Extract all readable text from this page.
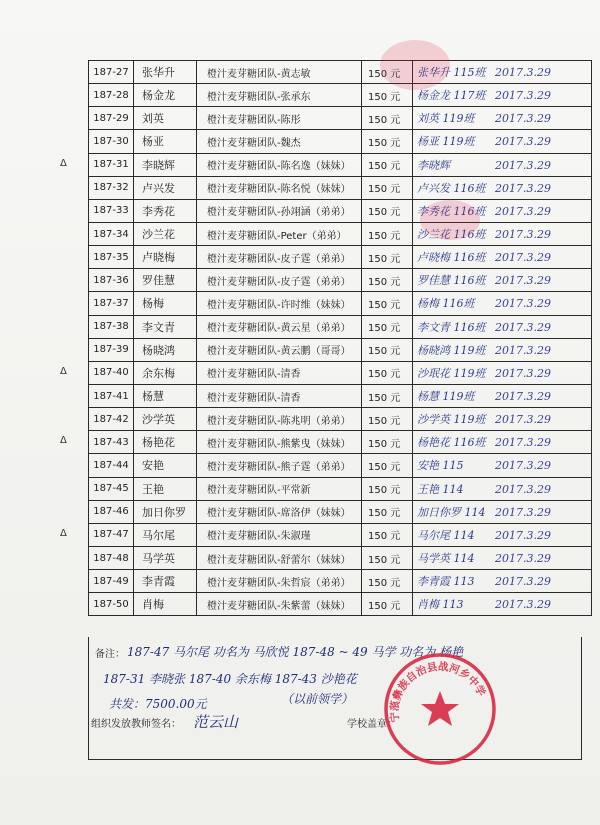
187-27	张华升	橙汁麦芽糖团队-黄志敏	150 元	张华升 115班 2017.3.29
187-28	杨金龙	橙汁麦芽糖团队-张承东	150 元	杨金龙 117班 2017.3.29
187-29	刘英	橙汁麦芽糖团队-陈彤	150 元	刘英 119班 2017.3.29
187-30	杨亚	橙汁麦芽糖团队-魏杰	150 元	杨亚 119班 2017.3.29
187-31	李晓辉	橙汁麦芽糖团队-陈名逸（妹妹）	150 元	李晓辉 2017.3.29
187-32	卢兴发	橙汁麦芽糖团队-陈名悦（妹妹）	150 元	卢兴发 116班 2017.3.29
187-33	李秀花	橙汁麦芽糖团队-孙翊涵（弟弟）	150 元	李秀花 116班 2017.3.29
187-34	沙兰花	橙汁麦芽糖团队-Peter（弟弟）	150 元	沙兰花 116班 2017.3.29
187-35	卢晓梅	橙汁麦芽糖团队-皮子霆（弟弟）	150 元	卢晓梅 116班 2017.3.29
187-36	罗佳慧	橙汁麦芽糖团队-皮子霆（弟弟）	150 元	罗佳慧 116班 2017.3.29
187-37	杨梅	橙汁麦芽糖团队-许时维（妹妹）	150 元	杨梅 116班 2017.3.29
187-38	李文青	橙汁麦芽糖团队-黄云星（弟弟）	150 元	李文青 116班 2017.3.29
187-39	杨晓鸿	橙汁麦芽糖团队-黄云鹏（哥哥）	150 元	杨晓鸿 119班 2017.3.29
187-40	余东梅	橙汁麦芽糖团队-清香	150 元	沙珉花 119班 2017.3.29
187-41	杨慧	橙汁麦芽糖团队-清香	150 元	杨慧 119班 2017.3.29
187-42	沙学英	橙汁麦芽糖团队-陈兆明（弟弟）	150 元	沙学英 119班 2017.3.29
187-43	杨艳花	橙汁麦芽糖团队-熊紫曳（妹妹）	150 元	杨艳花 116班 2017.3.29
187-44	安艳	橙汁麦芽糖团队-熊子霆（弟弟）	150 元	安艳 115 2017.3.29
187-45	王艳	橙汁麦芽糖团队-平常新	150 元	王艳 114 2017.3.29
187-46	加日你罗	橙汁麦芽糖团队-席洛伊（妹妹）	150 元	加日你罗 114 2017.3.29
187-47	马尔尾	橙汁麦芽糖团队-朱淑瑾	150 元	马尔尾 114 2017.3.29
187-48	马学英	橙汁麦芽糖团队-舒蕾尔（妹妹）	150 元	马学英 114 2017.3.29
187-49	李青霞	橙汁麦芽糖团队-朱哲宸（弟弟）	150 元	李青霞 113 2017.3.29
187-50	肖梅	橙汁麦芽糖团队-朱紫蕾（妹妹）	150 元	肖梅 113 2017.3.29
备注： 187-47 马尔尾 功名为 马欣悦 187-48 ~ 49 马学 功名为 杨艳
187-31 李晓张 187-40 余东梅 187-43 沙艳花
（以前领学）
共发：7500.00元
组织发放教师签名： 范云山	学校盖章：
宁蒗彝族自治县战河乡中学
Δ
Δ
Δ
Δ
